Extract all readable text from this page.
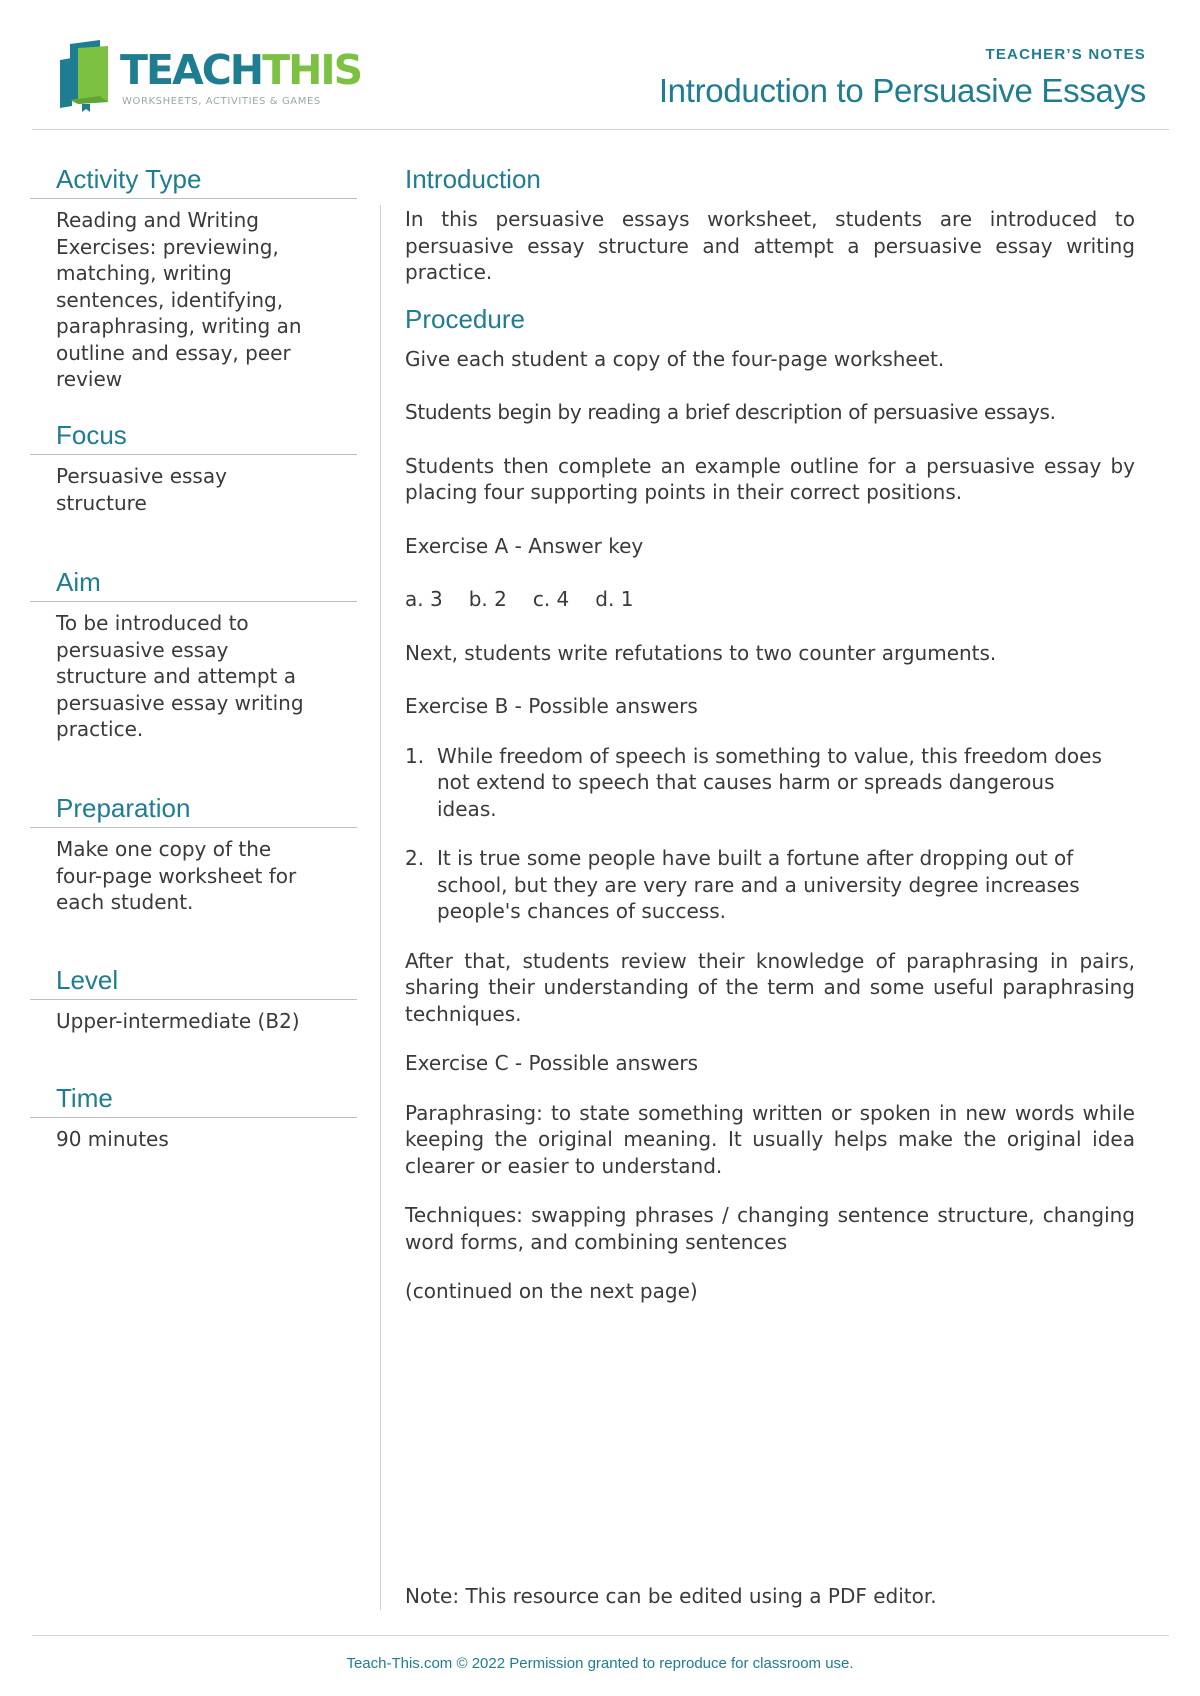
TEACHTHIS
WORKSHEETS, ACTIVITIES & GAMES
TEACHER’S NOTES
Introduction to Persuasive Essays
Activity Type
Reading and Writing
Exercises: previewing,
matching, writing
sentences, identifying,
paraphrasing, writing an
outline and essay, peer
review
Focus
Persuasive essay
structure
Aim
To be introduced to
persuasive essay
structure and attempt a
persuasive essay writing
practice.
Preparation
Make one copy of the
four-page worksheet for
each student.
Level
Upper-intermediate (B2)
Time
90 minutes
Introduction
In this persuasive essays worksheet, students are introduced to persuasive essay structure and attempt a persuasive essay writing practice.
Procedure
Give each student a copy of the four-page worksheet.
Students begin by reading a brief description of persuasive essays.
Students then complete an example outline for a persuasive essay by placing four supporting points in their correct positions.
Exercise A - Answer key
a. 3 b. 2 c. 4 d. 1
Next, students write refutations to two counter arguments.
Exercise B - Possible answers
1. While freedom of speech is something to value, this freedom does not extend to speech that causes harm or spreads dangerous ideas.
2. It is true some people have built a fortune after dropping out of school, but they are very rare and a university degree increases people's chances of success.
After that, students review their knowledge of paraphrasing in pairs, sharing their understanding of the term and some useful paraphrasing techniques.
Exercise C - Possible answers
Paraphrasing: to state something written or spoken in new words while keeping the original meaning. It usually helps make the original idea clearer or easier to understand.
Techniques: swapping phrases / changing sentence structure, changing word forms, and combining sentences
(continued on the next page)
Note: This resource can be edited using a PDF editor.
Teach-This.com © 2022 Permission granted to reproduce for classroom use.
